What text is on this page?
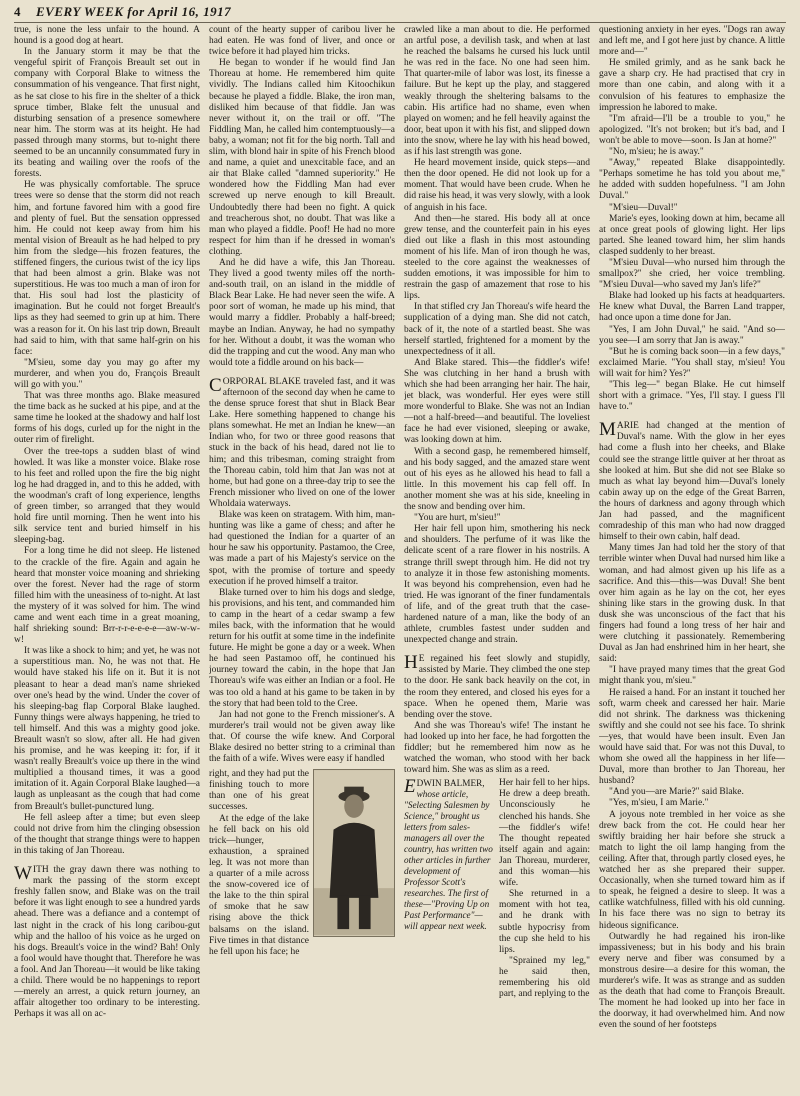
4	EVERY WEEK for April 16, 1917

true, is none the less unfair to the hound. A hound is a good dog at heart.

In the January storm it may be that the vengeful spirit of François Breault set out in company with Corporal Blake to witness the consummation of his vengeance. That first night, as he sat close to his fire in the shelter of a thick spruce timber, Blake felt the unusual and disturbing sensation of a presence somewhere near him. The storm was at its height. He had passed through many storms, but to-night there seemed to be an uncannily consummated fury in its beating and wailing over the roofs of the forests.

He was physically comfortable. The spruce trees were so dense that the storm did not reach him, and fortune favored him with a good fire and plenty of fuel. But the sensation oppressed him. He could not keep away from him his mental vision of Breault as he had helped to pry him from the sledge—his frozen features, the stiffened fingers, the curious twist of the icy lips that had been almost a grin. Blake was not superstitious. He was too much a man of iron for that. His soul had lost the plasticity of imagination. But he could not forget Breault's lips as they had seemed to grin up at him. There was a reason for it. On his last trip down, Breault had said to him, with that same half-grin on his face:

"M'sieu, some day you may go after my murderer, and when you do, François Breault will go with you."

That was three months ago. Blake measured the time back as he sucked at his pipe, and at the same time he looked at the shadowy and half lost forms of his dogs, curled up for the night in the outer rim of firelight.

Over the tree-tops a sudden blast of wind howled. It was like a monster voice. Blake rose to his feet and rolled upon the fire the big night log he had dragged in, and to this he added, with the woodman's craft of long experience, lengths of green timber, so arranged that they would hold fire until morning. Then he went into his silk service tent and buried himself in his sleeping-bag.

For a long time he did not sleep. He listened to the crackle of the fire. Again and again he heard that monster voice moaning and shrieking over the forest. Never had the rage of storm filled him with the uneasiness of to-night. At last the mystery of it was solved for him. The wind came and went each time in a great moaning, half shrieking sound: Brr-r-r-e-e-e-e—aw-w-w-w!

It was like a shock to him; and yet, he was not a superstitious man. No, he was not that. He would have staked his life on it. But it is not pleasant to hear a dead man's name shrieked over one's head by the wind. Under the cover of his sleeping-bag flap Corporal Blake laughed. Funny things were always happening, he tried to tell himself. And this was a mighty good joke. Breault wasn't so slow, after all. He had given his promise, and he was keeping it: for, if it wasn't really Breault's voice up there in the wind multiplied a thousand times, it was a good imitation of it. Again Corporal Blake laughed—a laugh as unpleasant as the cough that had come from Breault's bullet-punctured lung.

He fell asleep after a time; but even sleep could not drive from him the clinging obsession of the thought that strange things were to happen in this taking of Jan Thoreau.

WITH the gray dawn there was nothing to mark the passing of the storm except freshly fallen snow, and Blake was on the trail before it was light enough to see a hundred yards ahead. There was a defiance and a contempt of last night in the crack of his long caribou-gut whip and the halloo of his voice as he urged on his dogs. Breault's voice in the wind? Bah! Only a fool would have thought that. Therefore he was a fool. And Jan Thoreau—it would be like taking a child. There would be no happenings to report—merely an arrest, a quick return journey, an affair altogether too ordinary to be interesting. Perhaps it was all on ac-

count of the hearty supper of caribou liver he had eaten. He was fond of liver, and once or twice before it had played him tricks.

He began to wonder if he would find Jan Thoreau at home. He remembered him quite vividly. The Indians called him Kitoochikun because he played a fiddle. Blake, the iron man, disliked him because of that fiddle. Jan was never without it, on the trail or off. "The Fiddling Man, he called him contemptuously—a baby, a woman; not fit for the big north. Tall and slim, with blond hair in spite of his French blood and name, a quiet and unexcitable face, and an air that Blake called "damned superiority." He wondered how the Fiddling Man had ever screwed up nerve enough to kill Breault. Undoubtedly there had been no fight. A quick and treacherous shot, no doubt. That was like a man who played a fiddle. Poof! He had no more respect for him than if he dressed in woman's clothing.

And he did have a wife, this Jan Thoreau. They lived a good twenty miles off the north-and-south trail, on an island in the middle of Black Bear Lake. He had never seen the wife. A poor sort of woman, he made up his mind, that would marry a fiddler. Probably a half-breed; maybe an Indian. Anyway, he had no sympathy for her. Without a doubt, it was the woman who did the trapping and cut the wood. Any man who would tote a fiddle around on his back—

CORPORAL BLAKE traveled fast, and it was afternoon of the second day when he came to the dense spruce forest that shut in Black Bear Lake. Here something happened to change his plans somewhat. He met an Indian he knew—an Indian who, for two or three good reasons that stuck in the back of his head, dared not lie to him; and this tribesman, coming straight from the Thoreau cabin, told him that Jan was not at home, but had gone on a three-day trip to see the French missioner who lived on one of the lower Wholdaia waterways.

Blake was keen on stratagem. With him, man-hunting was like a game of chess; and after he had questioned the Indian for a quarter of an hour he saw his opportunity. Pastamoo, the Cree, was made a part of his Majesty's service on the spot, with the promise of torture and speedy execution if he proved himself a traitor.

Blake turned over to him his dogs and sledge, his provisions, and his tent, and commanded him to camp in the heart of a cedar swamp a few miles back, with the information that he would return for his outfit at some time in the indefinite future. He might be gone a day or a week. When he had seen Pastamoo off, he continued his journey toward the cabin, in the hope that Jan Thoreau's wife was either an Indian or a fool. He was too old a hand at his game to be taken in by the story that had been told to the Cree.

Jan had not gone to the French missioner's. A murderer's trail would not be given away like that. Of course the wife knew. And Corporal Blake desired no better string to a criminal than the faith of a wife. Wives were easy if handled

right, and they had put the finishing touch to more than one of his great successes.

At the edge of the lake he fell back on his old trick—hunger, exhaustion, a sprained leg. It was not more than a quarter of a mile across the snow-covered ice of the lake to the thin spiral of smoke that he saw rising above the thick balsams on the island. Five times in that distance he fell upon his face; he

crawled like a man about to die. He performed an artful pose, a devilish task, and when at last he reached the balsams he cursed his luck until he was red in the face. No one had seen him. That quarter-mile of labor was lost, its finesse a failure. But he kept up the play, and staggered weakly through the sheltering balsams to the cabin. His artifice had no shame, even when played on women; and he fell heavily against the door, beat upon it with his fist, and slipped down into the snow, where he lay with his head bowed, as if his last strength was gone.

He heard movement inside, quick steps—and then the door opened. He did not look up for a moment. That would have been crude. When he did raise his head, it was very slowly, with a look of anguish in his face.

And then—he stared. His body all at once grew tense, and the counterfeit pain in his eyes died out like a flash in this most astounding moment of his life. Man of iron though he was, steeled to the core against the weaknesses of sudden emotions, it was impossible for him to restrain the gasp of amazement that rose to his lips.

In that stifled cry Jan Thoreau's wife heard the supplication of a dying man. She did not catch, back of it, the note of a startled beast. She was herself startled, frightened for a moment by the unexpectedness of it all.

And Blake stared. This—the fiddler's wife! She was clutching in her hand a brush with which she had been arranging her hair. The hair, jet black, was wonderful. Her eyes were still more wonderful to Blake. She was not an Indian—not a half-breed—and beautiful. The loveliest face he had ever visioned, sleeping or awake, was looking down at him.

With a second gasp, he remembered himself, and his body sagged, and the amazed stare went out of his eyes as he allowed his head to fall a little. In this movement his cap fell off. In another moment she was at his side, kneeling in the snow and bending over him.

"You are hurt, m'sieu!"

Her hair fell upon him, smothering his neck and shoulders. The perfume of it was like the delicate scent of a rare flower in his nostrils. A strange thrill swept through him. He did not try to analyze it in those few astonishing moments. It was beyond his comprehension, even had he tried. He was ignorant of the finer fundamentals of life, and of the great truth that the case-hardened nature of a man, like the body of an athlete, crumbles fastest under sudden and unexpected change and strain.

H E regained his feet slowly and stupidly, assisted by Marie. They climbed the one step to the door. He sank back heavily on the cot, in the room they entered, and closed his eyes for a space. When he opened them, Marie was bending over the stove.

And she was Thoreau's wife! The instant he had looked up into her face, he had forgotten the fiddler; but he remembered him now as he watched the woman, who stood with her back toward him. She was as slim as a reed.

EDWIN BALMER, whose article, "Selecting Salesmen by Science," brought us letters from sales-managers all over the country, has written two other articles in further development of Professor Scott's researches. The first of these—"Proving Up on Past Performance"—will appear next week.

Her hair fell to her hips. He drew a deep breath. Unconsciously he clenched his hands. She—the fiddler's wife! The thought repeated itself again and again: Jan Thoreau, murderer, and this woman—his wife.

She returned in a moment with hot tea, and he drank with subtle hypocrisy from the cup she held to his lips.

"Sprained my leg," he said then, remembering his old part, and replying to the

questioning anxiety in her eyes. "Dogs ran away and left me, and I got here just by chance. A little more and—"

He smiled grimly, and as he sank back he gave a sharp cry. He had practised that cry in more than one cabin, and along with it a convulsion of his features to emphasize the impression he labored to make.

"I'm afraid—I'll be a trouble to you," he apologized. "It's not broken; but it's bad, and I won't be able to move—soon. Is Jan at home?"

"No, m'sieu; he is away."

"Away," repeated Blake disappointedly. "Perhaps sometime he has told you about me," he added with sudden hopefulness. "I am John Duval."

"M'sieu—Duval!"

Marie's eyes, looking down at him, became all at once great pools of glowing light. Her lips parted. She leaned toward him, her slim hands clasped suddenly to her breast.

"M'sieu Duval—who nursed him through the smallpox?" she cried, her voice trembling. "M'sieu Duval—who saved my Jan's life?"

Blake had looked up his facts at headquarters. He knew what Duval, the Barren Land trapper, had once upon a time done for Jan.

"Yes, I am John Duval," he said. "And so—you see—I am sorry that Jan is away."

"But he is coming back soon—in a few days," exclaimed Marie. "You shall stay, m'sieu! You will wait for him? Yes?"

"This leg—" began Blake. He cut himself short with a grimace. "Yes, I'll stay. I guess I'll have to."

MARIE had changed at the mention of Duval's name. With the glow in her eyes had come a flush into her cheeks, and Blake could see the strange little quiver at her throat as she looked at him. But she did not see Blake so much as what lay beyond him—Duval's lonely cabin away up on the edge of the Great Barren, the hours of darkness and agony through which Jan had passed, and the magnificent comradeship of this man who had now dragged himself to their own cabin, half dead.

Many times Jan had told her the story of that terrible winter when Duval had nursed him like a woman, and had almost given up his life as a sacrifice. And this—this—was Duval! She bent over him again as he lay on the cot, her eyes shining like stars in the growing dusk. In that dusk she was unconscious of the fact that his fingers had found a long tress of her hair and were clutching it passionately. Remembering Duval as Jan had enshrined him in her heart, she said:

"I have prayed many times that the great God might thank you, m'sieu."

He raised a hand. For an instant it touched her soft, warm cheek and caressed her hair. Marie did not shrink. The darkness was thickening swiftly and she could not see his face. To shrink—yes, that would have been insult. Even Jan would have said that. For was not this Duval, to whom she owed all the happiness in her life—Duval, more than brother to Jan Thoreau, her husband?

"And you—are Marie?" said Blake.

"Yes, m'sieu, I am Marie."

A joyous note trembled in her voice as she drew back from the cot. He could hear her swiftly braiding her hair before she struck a match to light the oil lamp hanging from the ceiling. After that, through partly closed eyes, he watched her as she prepared their supper. Occasionally, when she turned toward him as if to speak, he feigned a desire to sleep. It was a catlike watchfulness, filled with his old cunning. In his face there was no sign to betray its hideous significance.

Outwardly he had regained his iron-like impassiveness; but in his body and his brain every nerve and fiber was consumed by a monstrous desire—a desire for this woman, the murderer's wife. It was as strange and as sudden as the death that had come to François Breault. The moment he had looked up into her face in the doorway, it had overwhelmed him. And now even the sound of her footsteps
